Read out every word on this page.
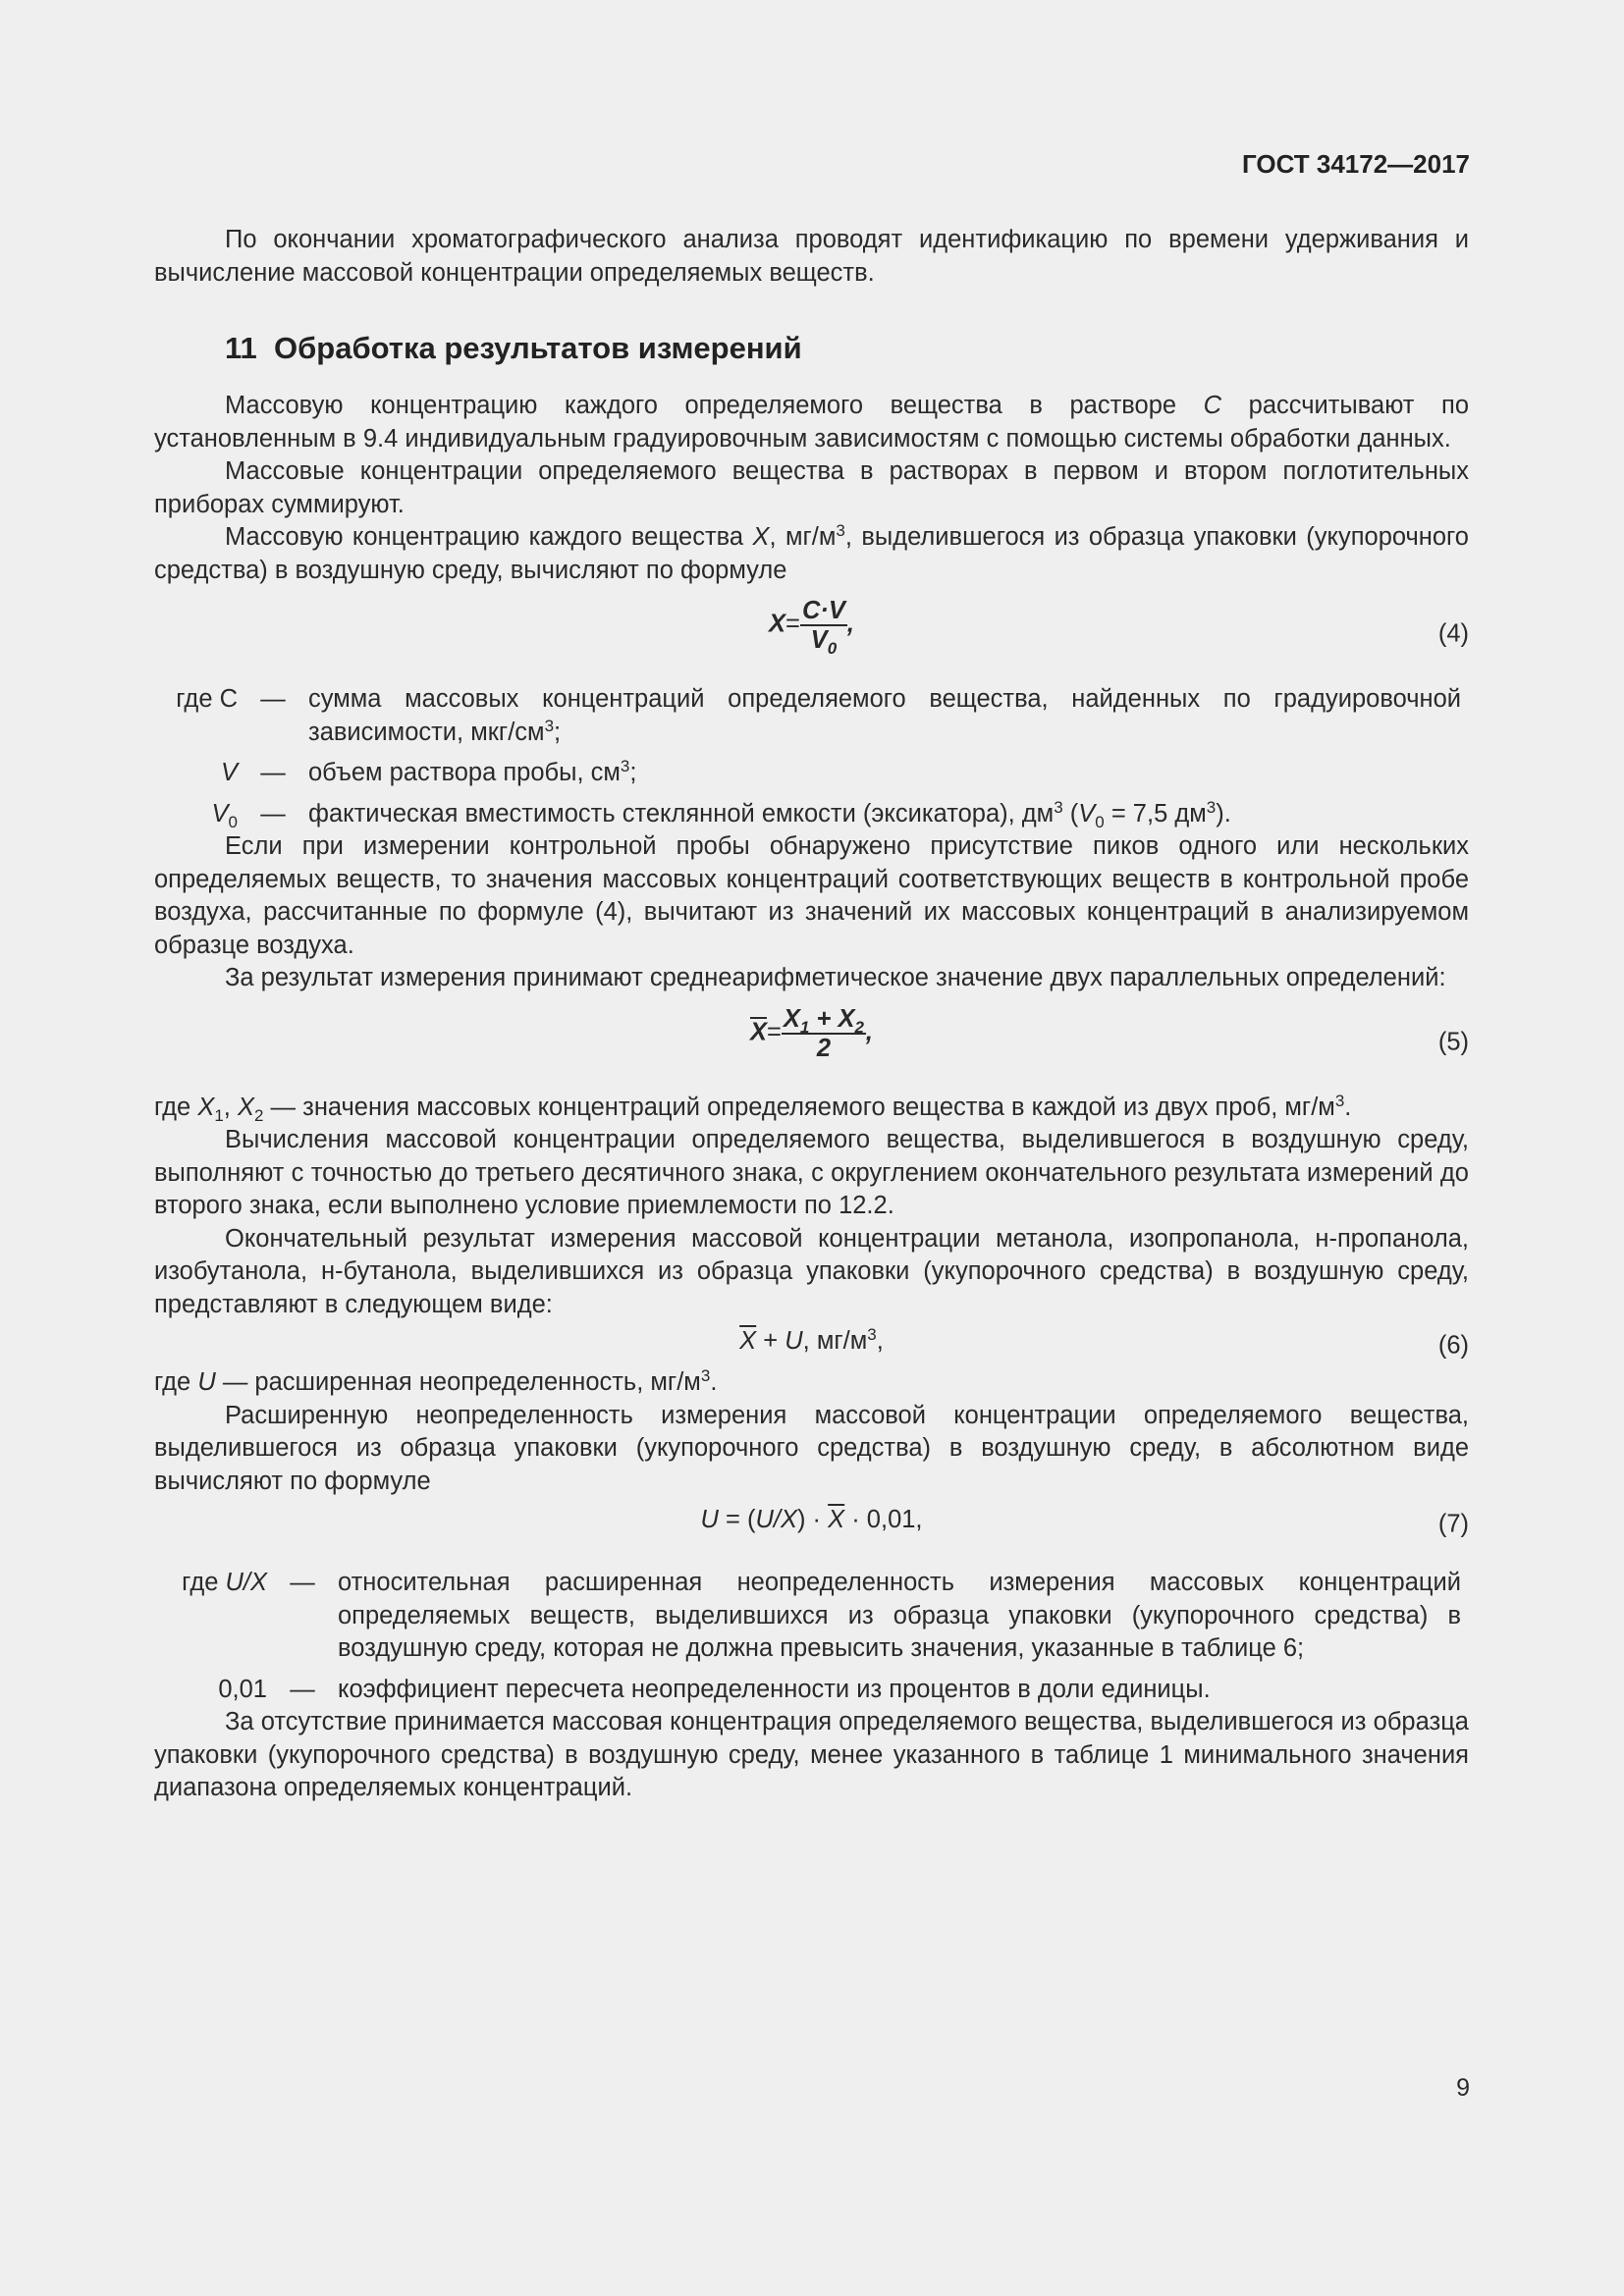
ГОСТ 34172—2017

По окончании хроматографического анализа проводят идентификацию по времени удерживания и вычисление массовой концентрации определяемых веществ.

11 Обработка результатов измерений

Массовую концентрацию каждого определяемого вещества в растворе C рассчитывают по установленным в 9.4 индивидуальным градуировочным зависимостям с помощью системы обработки данных.

Массовые концентрации определяемого вещества в растворах в первом и втором поглотительных приборах суммируют.

Массовую концентрацию каждого вещества X, $мг/м^3$, выделившегося из образца упаковки (укупорочного средства) в воздушную среду, вычисляют по формуле

$X= \frac{C\cdot V}{V_0}$ ,	(4)
где C — сумма массовых концентраций определяемого вещества, найденных по градуировочной зависимости, мкг/$см^3$;
V — объем раствора пробы, $см^3$;
$V_0$ — фактическая вместимость стеклянной емкости (эксикатора), $дм^3$ ($V_0 = 7,5$ $дм^3$).

Если при измерении контрольной пробы обнаружено присутствие пиков одного или нескольких определяемых веществ, то значения массовых концентраций соответствующих веществ в контрольной пробе воздуха, рассчитанные по формуле (4), вычитают из значений их массовых концентраций в анализируемом образце воздуха.

За результат измерения принимают среднеарифметическое значение двух параллельных определений:

$\overline{X}= \frac{X_1 + X_2}{2}$ ,	(5)

где $X_1$, $X_2$ — значения массовых концентраций определяемого вещества в каждой из двух проб, $мг/м^3$.

Вычисления массовой концентрации определяемого вещества, выделившегося в воздушную среду, выполняют с точностью до третьего десятичного знака, с округлением окончательного результата измерений до второго знака, если выполнено условие приемлемости по 12.2.

Окончательный результат измерения массовой концентрации метанола, изопропанола, н-пропанола, изобутанола, н-бутанола, выделившихся из образца упаковки (укупорочного средства) в воздушную среду, представляют в следующем виде:

$\overline{X} + U$, $мг/м^3$,	(6)

где U — расширенная неопределенность, $мг/м^3$.

Расширенную неопределенность измерения массовой концентрации определяемого вещества, выделившегося из образца упаковки (укупорочного средства) в воздушную среду, в абсолютном виде вычисляют по формуле

$U = (U/X) \cdot \overline{X} \cdot 0,01$,	(7)
где U/X — относительная расширенная неопределенность измерения массовых концентраций определяемых веществ, выделившихся из образца упаковки (укупорочного средства) в воздушную среду, которая не должна превысить значения, указанные в таблице 6;
0,01 — коэффициент пересчета неопределенности из процентов в доли единицы.

За отсутствие принимается массовая концентрация определяемого вещества, выделившегося из образца упаковки (укупорочного средства) в воздушную среду, менее указанного в таблице 1 минимального значения диапазона определяемых концентраций.

9
